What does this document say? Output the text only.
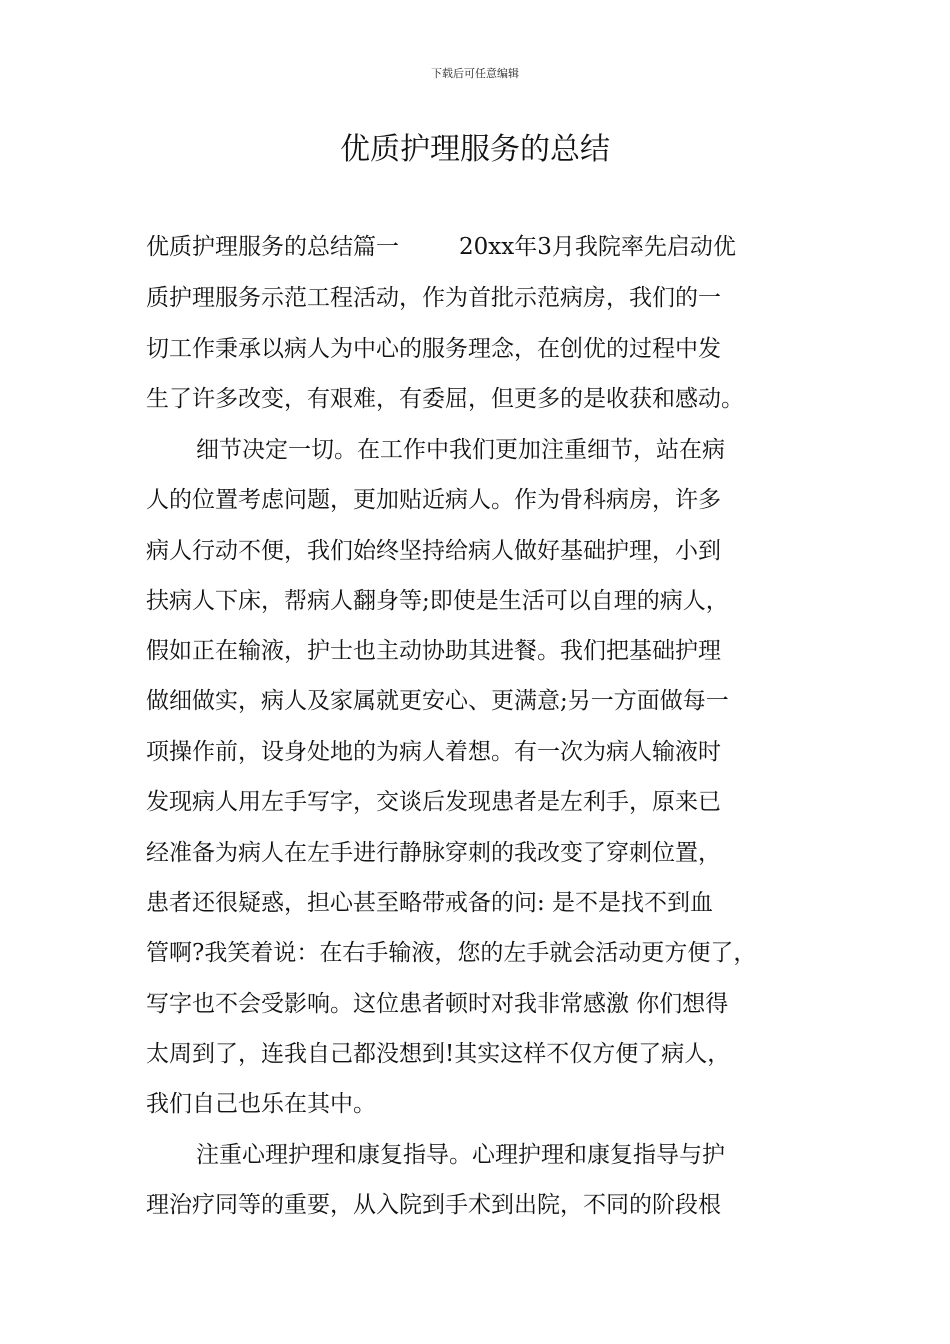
下载后可任意编辑
优质护理服务的总结

优质护理服务的总结篇一	20xx年3月我院率先启动优

质护理服务示范工程活动，作为首批示范病房，我们的一

切工作秉承以病人为中心的服务理念，在创优的过程中发

生了许多改变，有艰难，有委屈，但更多的是收获和感动。

细节决定一切。在工作中我们更加注重细节，站在病

人的位置考虑问题，更加贴近病人。作为骨科病房，许多

病人行动不便，我们始终坚持给病人做好基础护理，小到

扶病人下床，帮病人翻身等;即使是生活可以自理的病人，

假如正在输液，护士也主动协助其进餐。我们把基础护理

做细做实，病人及家属就更安心、更满意;另一方面做每一

项操作前，设身处地的为病人着想。有一次为病人输液时

发现病人用左手写字，交谈后发现患者是左利手，原来已

经准备为病人在左手进行静脉穿刺的我改变了穿刺位置，

患者还很疑惑，担心甚至略带戒备的问: 是不是找不到血

管啊?我笑着说：在右手输液，您的左手就会活动更方便了，

写字也不会受影响。这位患者顿时对我非常感激 你们想得

太周到了，连我自己都没想到!其实这样不仅方便了病人，

我们自己也乐在其中。

注重心理护理和康复指导。心理护理和康复指导与护

理治疗同等的重要，从入院到手术到出院，不同的阶段根
